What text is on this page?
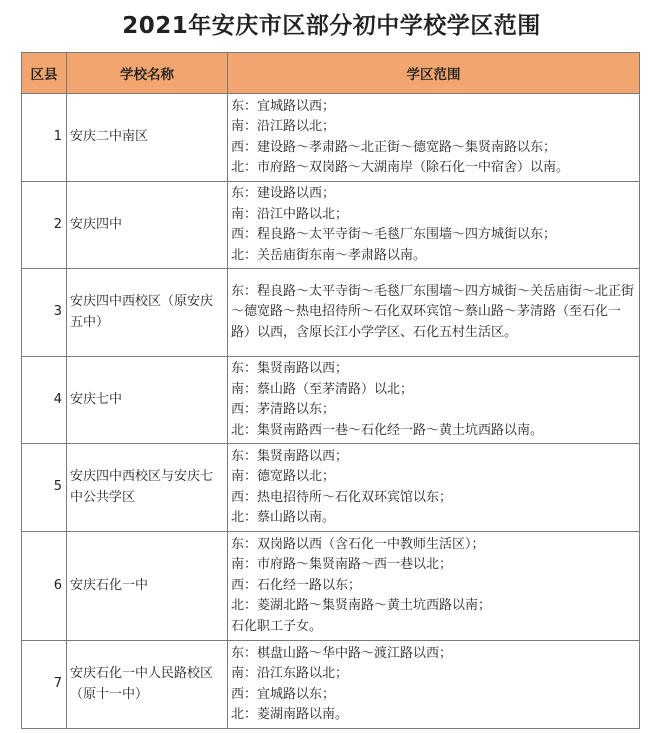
2021年安庆市区部分初中学校学区范围
区县	学校名称	学区范围
1	安庆二中南区	东：宜城路以西；
南：沿江路以北；
西：建设路～孝肃路～北正街～德宽路～集贤南路以东；
北：市府路～双岗路～大湖南岸（除石化一中宿舍）以南。

2	安庆四中	东：建设路以西；
南：沿江中路以北；
西：程良路～太平寺街～毛毯厂东围墙～四方城街以东；
北：关岳庙街东南～孝肃路以南。

3	安庆四中西校区（原安庆五中）	东：程良路～太平寺街～毛毯厂东围墙～四方城街～关岳庙街～北正街～德宽路～热电招待所～石化双环宾馆～蔡山路～茅清路（至石化一路）以西，含原长江小学学区、石化五村生活区。
4	安庆七中	东：集贤南路以西；
南：蔡山路（至茅清路）以北；
西：茅清路以东；
北：集贤南路西一巷～石化经一路～黄土坑西路以南。

5	安庆四中西校区与安庆七中公共学区	东：集贤南路以西；
南：德宽路以北；
西：热电招待所～石化双环宾馆以东；
北：蔡山路以南。

6	安庆石化一中	东：双岗路以西（含石化一中教师生活区）；
南：市府路～集贤南路～西一巷以北；
西：石化经一路以东；
北：菱湖北路～集贤南路～黄土坑西路以南；
石化职工子女。

7	安庆石化一中人民路校区（原十一中）	东：棋盘山路～华中路～渡江路以西；
南：沿江东路以北；
西：宜城路以东；
北：菱湖南路以南。
